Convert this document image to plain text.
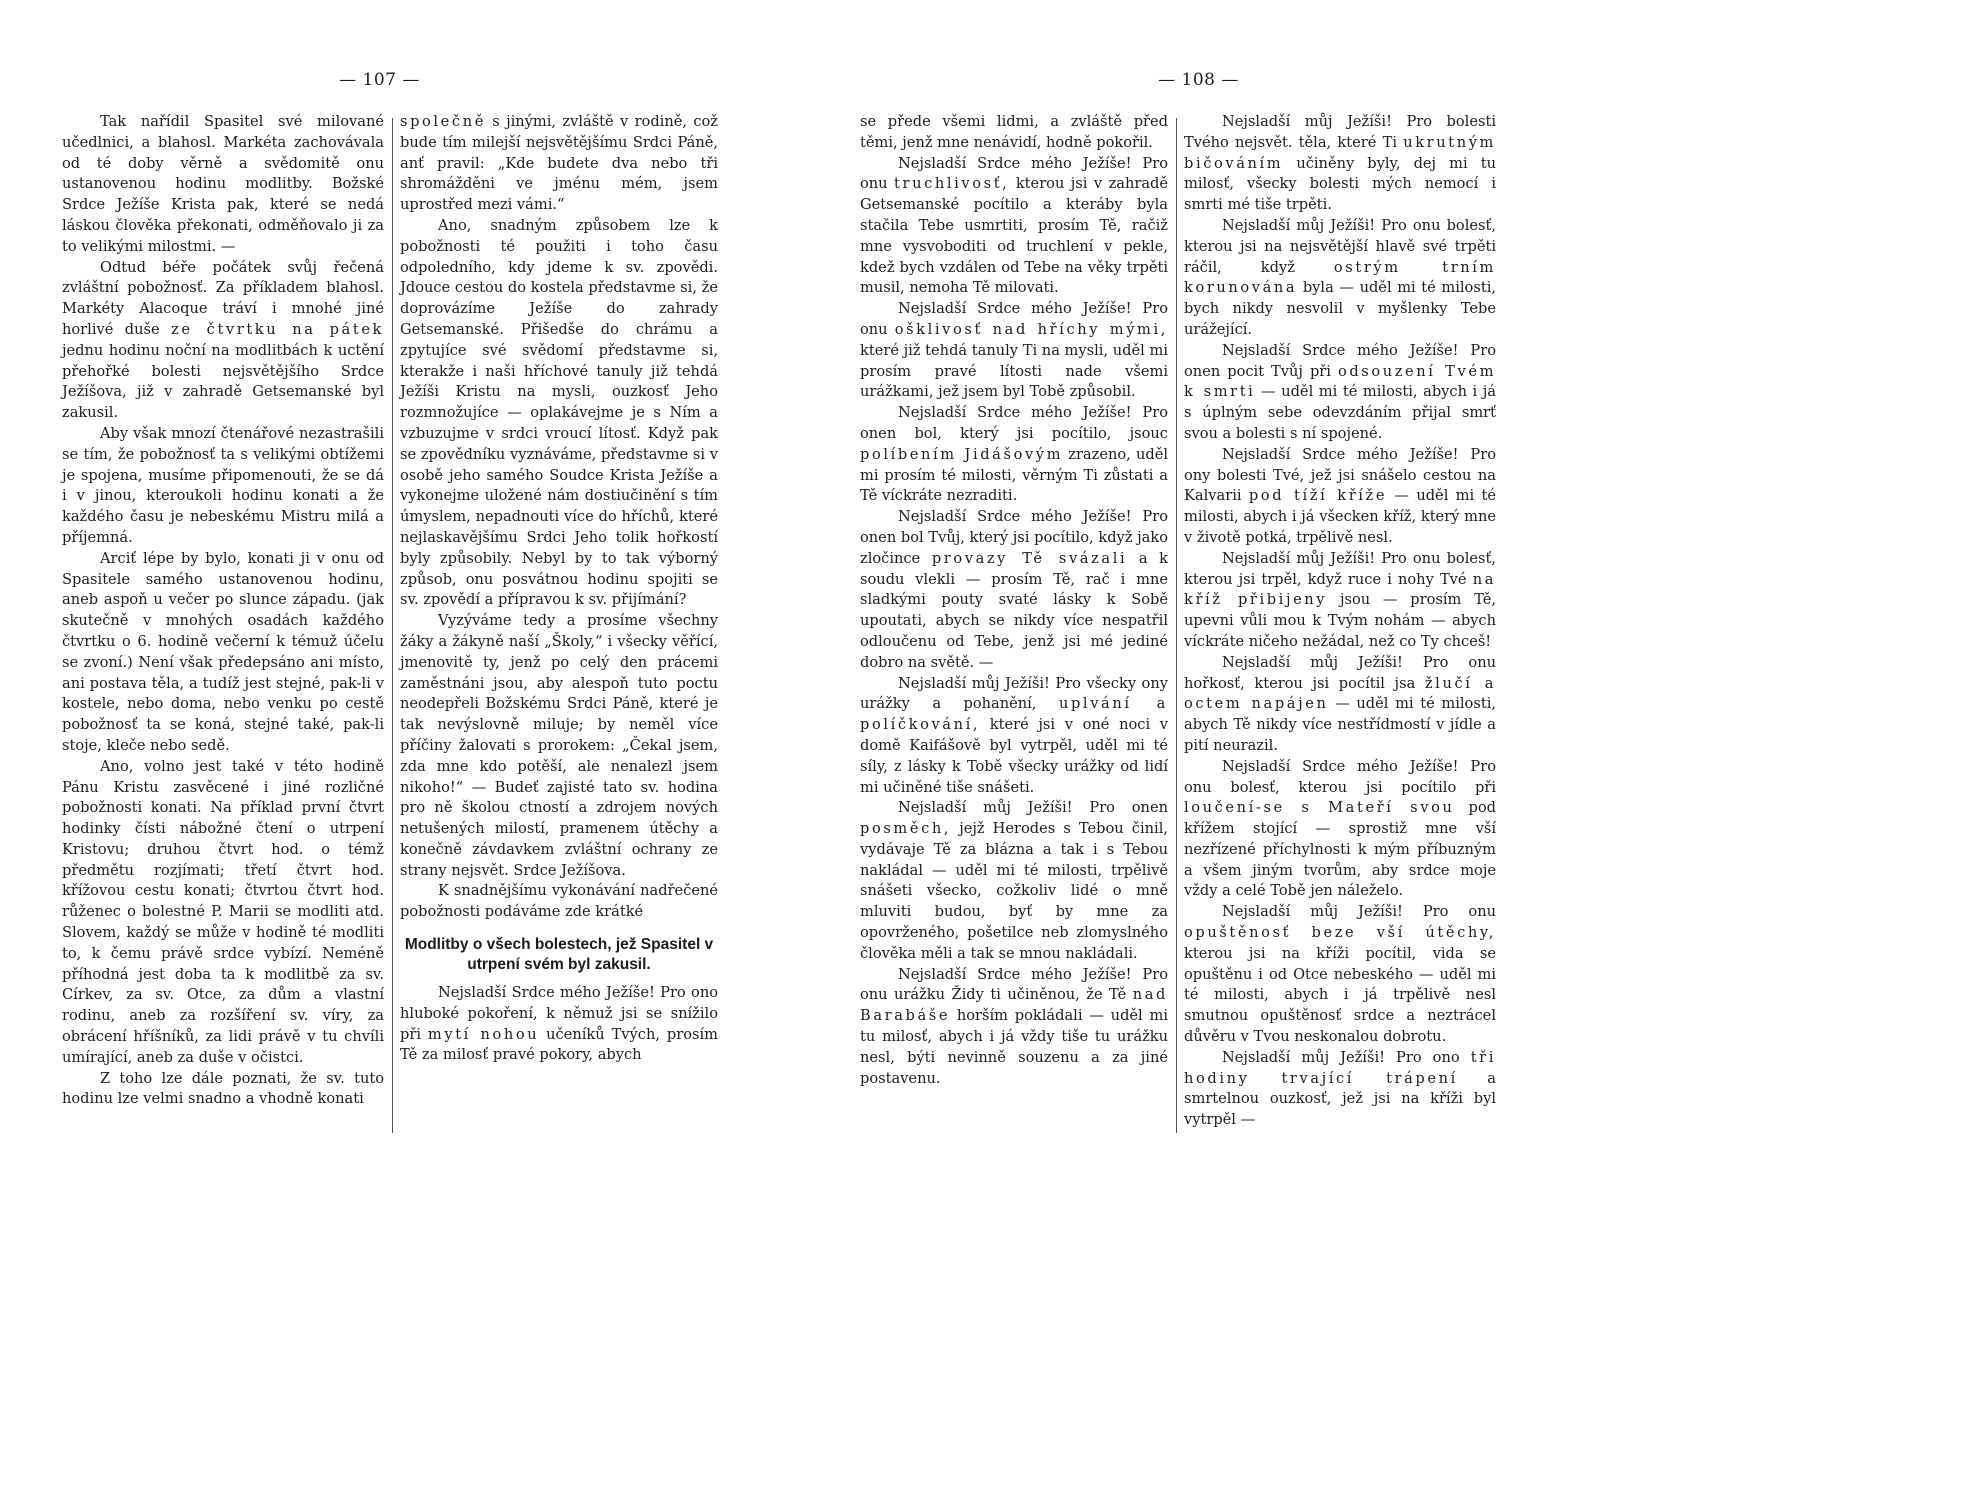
— 107 —

Tak nařídil Spasitel své milované učedlnici, a blahosl. Markéta zachovávala od té doby věrně a svědomitě onu ustanovenou hodinu modlitby. Božské Srdce Ježíše Krista pak, které se nedá láskou člověka překonati, odměňovalo ji za to velikými milostmi. —

Odtud béře počátek svůj řečená zvláštní pobožnosť. Za příkladem blahosl. Markéty Alacoque tráví i mnohé jiné horlivé duše ze čtvrtku na pátek jednu hodinu noční na modlitbách k uctění přehořké bolesti nejsvětějšího Srdce Ježíšova, již v zahradě Getsemanské byl zakusil.

Aby však mnozí čtenářové nezastrašili se tím, že pobožnosť ta s velikými obtížemi je spojena, musíme připomenouti, že se dá i v jinou, kteroukoli hodinu konati a že každého času je nebeskému Mistru milá a příjemná.

Arciť lépe by bylo, konati ji v onu od Spasitele samého ustanovenou hodinu, aneb aspoň u večer po slunce západu. (jak skutečně v mnohých osadách každého čtvrtku o 6. hodině večerní k témuž účelu se zvoní.) Není však předepsáno ani místo, ani postava těla, a tudíž jest stejné, pak-li v kostele, nebo doma, nebo venku po cestě pobožnosť ta se koná, stejné také, pak-li stoje, kleče nebo sedě.

Ano, volno jest také v této hodině Pánu Kristu zasvěcené i jiné rozličné pobožnosti konati. Na příklad první čtvrt hodinky čísti nábožné čtení o utrpení Kristovu; druhou čtvrt hod. o témž předmětu rozjímati; třetí čtvrt hod. křížovou cestu konati; čtvrtou čtvrt hod. růženec o bolestné P. Marii se modliti atd. Slovem, každý se může v hodině té modliti to, k čemu právě srdce vybízí. Neméně příhodná jest doba ta k modlitbě za sv. Církev, za sv. Otce, za dům a vlastní rodinu, aneb za rozšíření sv. víry, za obrácení hříšníků, za lidi právě v tu chvíli umírající, aneb za duše v očistci.

Z toho lze dále poznati, že sv. tuto hodinu lze velmi snadno a vhodně konati

společně s jinými, zvláště v rodině, což bude tím milejší nejsvětějšímu Srdci Páně, anť pravil: „Kde budete dva nebo tři shromážděni ve jménu mém, jsem uprostřed mezi vámi.“

Ano, snadným způsobem lze k pobožnosti té použiti i toho času odpoledního, kdy jdeme k sv. zpovědi. Jdouce cestou do kostela představme si, že doprovázíme Ježíše do zahrady Getsemanské. Přišedše do chrámu a zpytujíce své svědomí představme si, kterakže i naši hříchové tanuly již tehdá Ježíši Kristu na mysli, ouzkosť Jeho rozmnožujíce — oplakávejme je s Ním a vzbuzujme v srdci vroucí lítosť. Když pak se zpovědníku vyznáváme, představme si v osobě jeho samého Soudce Krista Ježíše a vykonejme uložené nám dostiučinění s tím úmyslem, nepadnouti více do hříchů, které nejlaskavějšímu Srdci Jeho tolik hořkostí byly způsobily. Nebyl by to tak výborný způsob, onu posvátnou hodinu spojiti se sv. zpovědí a přípravou k sv. přijímání?

Vyzýváme tedy a prosíme všechny žáky a žákyně naší „Školy,“ i všecky věřící, jmenovitě ty, jenž po celý den prácemi zaměstnáni jsou, aby alespoň tuto poctu neodepřeli Božskému Srdci Páně, které je tak nevýslovně miluje; by neměl více příčiny žalovati s prorokem: „Čekal jsem, zda mne kdo potěší, ale nenalezl jsem nikoho!“ — Budeť zajisté tato sv. hodina pro ně školou ctností a zdrojem nových netušených milostí, pramenem útěchy a konečně závdavkem zvláštní ochrany ze strany nejsvět. Srdce Ježíšova.

K snadnějšímu vykonávání nadřečené pobožnosti podáváme zde krátké

Modlitby o všech bolestech, jež Spasitel v utrpení svém byl zakusil.

Nejsladší Srdce mého Ježíše! Pro ono hluboké pokoření, k němuž jsi se snížilo při mytí nohou učeníků Tvých, prosím Tě za milosť pravé pokory, abych

— 108 —

se přede všemi lidmi, a zvláště před těmi, jenž mne nenávidí, hodně pokořil.

Nejsladší Srdce mého Ježíše! Pro onu truchlivosť, kterou jsi v zahradě Getsemanské pocítilo a kteráby byla stačila Tebe usmrtiti, prosím Tě, račiž mne vysvoboditi od truchlení v pekle, kdež bych vzdálen od Tebe na věky trpěti musil, nemoha Tě milovati.

Nejsladší Srdce mého Ježíše! Pro onu ošklivosť nad hříchy mými, které již tehdá tanuly Ti na mysli, uděl mi prosím pravé lítosti nade všemi urážkami, jež jsem byl Tobě způsobil.

Nejsladší Srdce mého Ježíše! Pro onen bol, který jsi pocítilo, jsouc políbením Jidášovým zrazeno, uděl mi prosím té milosti, věrným Ti zůstati a Tě víckráte nezraditi.

Nejsladší Srdce mého Ježíše! Pro onen bol Tvůj, který jsi pocítilo, když jako zločince provazy Tě svázali a k soudu vlekli — prosím Tě, rač i mne sladkými pouty svaté lásky k Sobě upoutati, abych se nikdy více nespatřil odloučenu od Tebe, jenž jsi mé jediné dobro na světě. —

Nejsladší můj Ježíši! Pro všecky ony urážky a pohanění, uplvání a políčkování, které jsi v oné noci v domě Kaifášově byl vytrpěl, uděl mi té síly, z lásky k Tobě všecky urážky od lidí mi učiněné tiše snášeti.

Nejsladší můj Ježíši! Pro onen posměch, jejž Herodes s Tebou činil, vydávaje Tě za blázna a tak i s Tebou nakládal — uděl mi té milosti, trpělivě snášeti všecko, cožkoliv lidé o mně mluviti budou, byť by mne za opovrženého, pošetilce neb zlomyslného člověka měli a tak se mnou nakládali.

Nejsladší Srdce mého Ježíše! Pro onu urážku Židy ti učiněnou, že Tě nad Barabáše horším pokládali — uděl mi tu milosť, abych i já vždy tiše tu urážku nesl, býti nevinně souzenu a za jiné postavenu.

Nejsladší můj Ježíši! Pro bolesti Tvého nejsvět. těla, které Ti ukrutným bičováním učiněny byly, dej mi tu milosť, všecky bolesti mých nemocí i smrti mé tiše trpěti.

Nejsladší můj Ježíši! Pro onu bolesť, kterou jsi na nejsvětější hlavě své trpěti ráčil, když	ostrým trním korunována byla — uděl mi té milosti, bych nikdy nesvolil v myšlenky Tebe urážející.

Nejsladší Srdce mého Ježíše! Pro onen pocit Tvůj při odsouzení Tvém k smrti — uděl mi té milosti, abych i já s úplným sebe odevzdáním přijal smrť svou a bolesti s ní spojené.

Nejsladší Srdce mého Ježíše! Pro ony bolesti Tvé, jež jsi snášelo cestou na Kalvarii pod tíží kříže — uděl mi té milosti, abych i já všecken kříž, který mne v životě potká, trpělivě nesl.

Nejsladší můj Ježíši! Pro onu bolesť, kterou jsi trpěl, když ruce i nohy Tvé na kříž přibijeny jsou — prosím Tě, upevni vůli mou k Tvým nohám — abych víckráte ničeho nežádal, než co Ty chceš!

Nejsladší můj Ježíši! Pro onu hořkosť, kterou jsi pocítil jsa žlučí a octem napájen — uděl mi té milosti, abych Tě nikdy více nestřídmostí v jídle a pití neurazil.

Nejsladší Srdce mého Ježíše! Pro onu bolesť, kterou jsi pocítilo při loučení-se s Mateří svou pod křížem stojící — sprostiž mne vší nezřízené příchylnosti k mým příbuzným a všem jiným tvorům, aby srdce moje vždy a celé Tobě jen náleželo.

Nejsladší můj Ježíši! Pro onu opuštěnosť beze vší útěchy, kterou jsi na kříži pocítil, vida se opuštěnu i od Otce nebeského — uděl mi té milosti, abych i já trpělivě nesl smutnou opuštěnosť srdce a neztrácel důvěru v Tvou neskonalou dobrotu.

Nejsladší můj Ježíši! Pro ono tři hodiny trvající trápení a smrtelnou ouzkosť, jež jsi na kříži byl vytrpěl —
